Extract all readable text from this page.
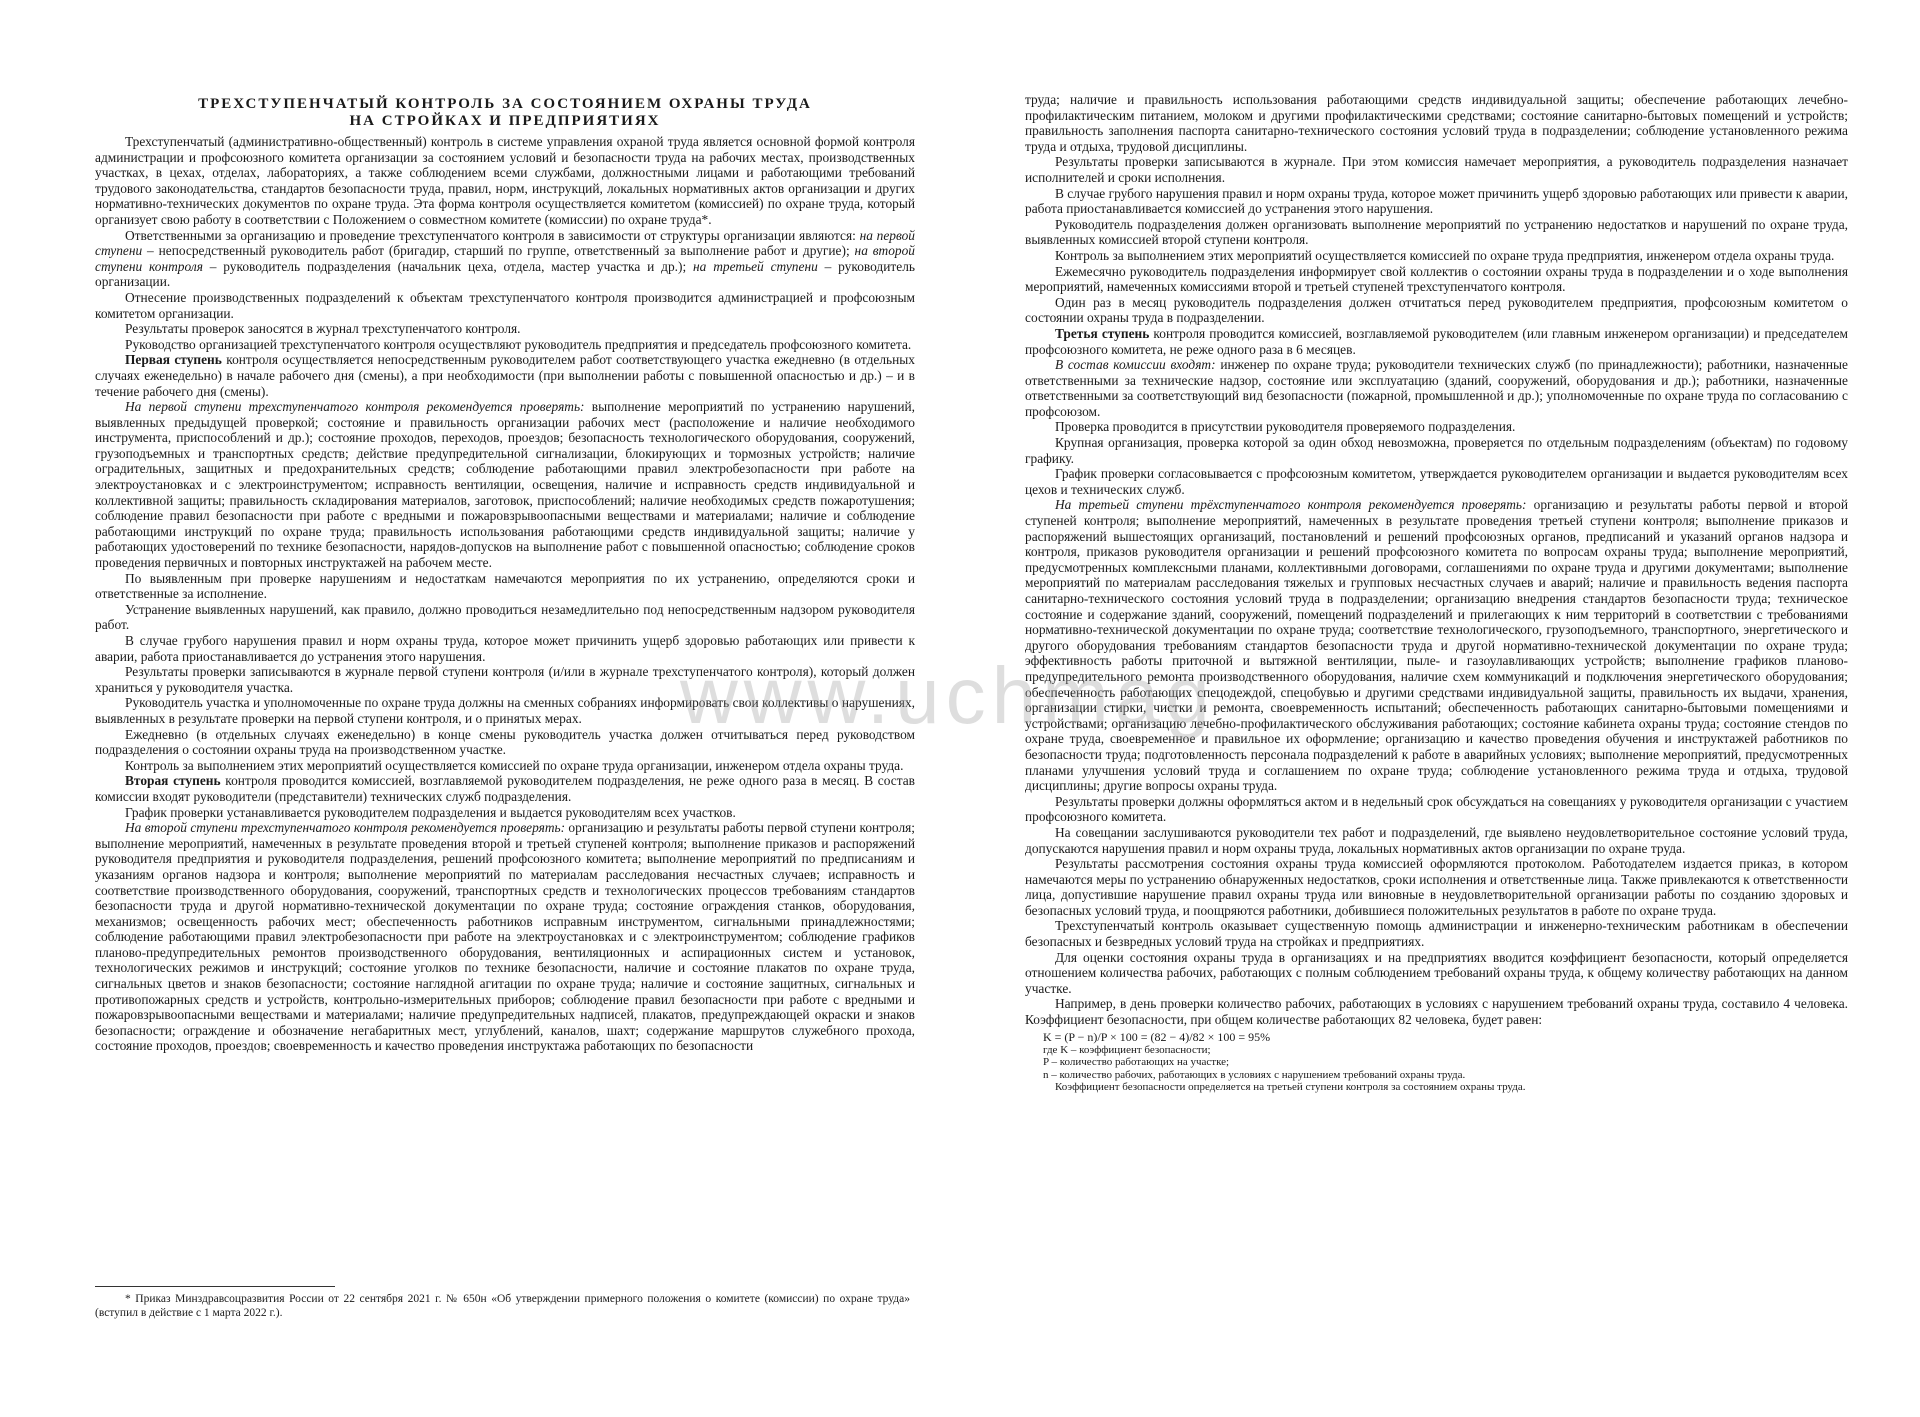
ТРЕХСТУПЕНЧАТЫЙ КОНТРОЛЬ ЗА СОСТОЯНИЕМ ОХРАНЫ ТРУДА
НА СТРОЙКАХ И ПРЕДПРИЯТИЯХ

Трехступенчатый (административно-общественный) контроль в системе управления охраной труда является основной формой контроля администрации и профсоюзного комитета организации за состоянием условий и безопасности труда на рабочих местах, производственных участках, в цехах, отделах, лабораториях, а также соблюдением всеми службами, должностными лицами и работающими требований трудового законодательства, стандартов безопасности труда, правил, норм, инструкций, локальных нормативных актов организации и других нормативно-технических документов по охране труда. Эта форма контроля осуществляется комитетом (комиссией) по охране труда, который организует свою работу в соответствии с Положением о совместном комитете (комиссии) по охране труда*.

Ответственными за организацию и проведение трехступенчатого контроля в зависимости от структуры организации являются: на первой ступени – непосредственный руководитель работ (бригадир, старший по группе, ответственный за выполнение работ и другие); на второй ступени контроля – руководитель подразделения (начальник цеха, отдела, мастер участка и др.); на третьей ступени – руководитель организации.

Отнесение производственных подразделений к объектам трехступенчатого контроля производится администрацией и профсоюзным комитетом организации.

Результаты проверок заносятся в журнал трехступенчатого контроля.

Руководство организацией трехступенчатого контроля осуществляют руководитель предприятия и председатель профсоюзного комитета.

Первая ступень контроля осуществляется непосредственным руководителем работ соответствующего участка ежедневно (в отдельных случаях еженедельно) в начале рабочего дня (смены), а при необходимости (при выполнении работы с повышенной опасностью и др.) – и в течение рабочего дня (смены).

На первой ступени трехступенчатого контроля рекомендуется проверять: выполнение мероприятий по устранению нарушений, выявленных предыдущей проверкой; состояние и правильность организации рабочих мест (расположение и наличие необходимого инструмента, приспособлений и др.); состояние проходов, переходов, проездов; безопасность технологического оборудования, сооружений, грузоподъемных и транспортных средств; действие предупредительной сигнализации, блокирующих и тормозных устройств; наличие оградительных, защитных и предохранительных средств; соблюдение работающими правил электробезопасности при работе на электроустановках и с электроинструментом; исправность вентиляции, освещения, наличие и исправность средств индивидуальной и коллективной защиты; правильность складирования материалов, заготовок, приспособлений; наличие необходимых средств пожаротушения; соблюдение правил безопасности при работе с вредными и пожаровзрывоопасными веществами и материалами; наличие и соблюдение работающими инструкций по охране труда; правильность использования работающими средств индивидуальной защиты; наличие у работающих удостоверений по технике безопасности, нарядов-допусков на выполнение работ с повышенной опасностью; соблюдение сроков проведения первичных и повторных инструктажей на рабочем месте.

По выявленным при проверке нарушениям и недостаткам намечаются мероприятия по их устранению, определяются сроки и ответственные за исполнение.

Устранение выявленных нарушений, как правило, должно проводиться незамедлительно под непосредственным надзором руководителя работ.

В случае грубого нарушения правил и норм охраны труда, которое может причинить ущерб здоровью работающих или привести к аварии, работа приостанавливается до устранения этого нарушения.

Результаты проверки записываются в журнале первой ступени контроля (и/или в журнале трехступенчатого контроля), который должен храниться у руководителя участка.

Руководитель участка и уполномоченные по охране труда должны на сменных собраниях информировать свои коллективы о нарушениях, выявленных в результате проверки на первой ступени контроля, и о принятых мерах.

Ежедневно (в отдельных случаях еженедельно) в конце смены руководитель участка должен отчитываться перед руководством подразделения о состоянии охраны труда на производственном участке.

Контроль за выполнением этих мероприятий осуществляется комиссией по охране труда организации, инженером отдела охраны труда.

Вторая ступень контроля проводится комиссией, возглавляемой руководителем подразделения, не реже одного раза в месяц. В состав комиссии входят руководители (представители) технических служб подразделения.

График проверки устанавливается руководителем подразделения и выдается руководителям всех участков.

На второй ступени трехступенчатого контроля рекомендуется проверять: организацию и результаты работы первой ступени контроля; выполнение мероприятий, намеченных в результате проведения второй и третьей ступеней контроля; выполнение приказов и распоряжений руководителя предприятия и руководителя подразделения, решений профсоюзного комитета; выполнение мероприятий по предписаниям и указаниям органов надзора и контроля; выполнение мероприятий по материалам расследования несчастных случаев; исправность и соответствие производственного оборудования, сооружений, транспортных средств и технологических процессов требованиям стандартов безопасности труда и другой нормативно-технической документации по охране труда; состояние ограждения станков, оборудования, механизмов; освещенность рабочих мест; обеспеченность работников исправным инструментом, сигнальными принадлежностями; соблюдение работающими правил электробезопасности при работе на электроустановках и с электроинструментом; соблюдение графиков планово-предупредительных ремонтов производственного оборудования, вентиляционных и аспирационных систем и установок, технологических режимов и инструкций; состояние уголков по технике безопасности, наличие и состояние плакатов по охране труда, сигнальных цветов и знаков безопасности; состояние наглядной агитации по охране труда; наличие и состояние защитных, сигнальных и противопожарных средств и устройств, контрольно-измерительных приборов; соблюдение правил безопасности при работе с вредными и пожаровзрывоопасными веществами и материалами; наличие предупредительных надписей, плакатов, предупреждающей окраски и знаков безопасности; ограждение и обозначение негабаритных мест, углублений, каналов, шахт; содержание маршрутов служебного прохода, состояние проходов, проездов; своевременность и качество проведения инструктажа работающих по безопасности

* Приказ Минздравсоцразвития России от 22 сентября 2021 г. № 650н «Об утверждении примерного положения о комитете (комиссии) по охране труда» (вступил в действие с 1 марта 2022 г.).

труда; наличие и правильность использования работающими средств индивидуальной защиты; обеспечение работающих лечебно-профилактическим питанием, молоком и другими профилактическими средствами; состояние санитарно-бытовых помещений и устройств; правильность заполнения паспорта санитарно-технического состояния условий труда в подразделении; соблюдение установленного режима труда и отдыха, трудовой дисциплины.

Результаты проверки записываются в журнале. При этом комиссия намечает мероприятия, а руководитель подразделения назначает исполнителей и сроки исполнения.

В случае грубого нарушения правил и норм охраны труда, которое может причинить ущерб здоровью работающих или привести к аварии, работа приостанавливается комиссией до устранения этого нарушения.

Руководитель подразделения должен организовать выполнение мероприятий по устранению недостатков и нарушений по охране труда, выявленных комиссией второй ступени контроля.

Контроль за выполнением этих мероприятий осуществляется комиссией по охране труда предприятия, инженером отдела охраны труда.

Ежемесячно руководитель подразделения информирует свой коллектив о состоянии охраны труда в подразделении и о ходе выполнения мероприятий, намеченных комиссиями второй и третьей ступеней трехступенчатого контроля.

Один раз в месяц руководитель подразделения должен отчитаться перед руководителем предприятия, профсоюзным комитетом о состоянии охраны труда в подразделении.

Третья ступень контроля проводится комиссией, возглавляемой руководителем (или главным инженером организации) и председателем профсоюзного комитета, не реже одного раза в 6 месяцев.

В состав комиссии входят: инженер по охране труда; руководители технических служб (по принадлежности); работники, назначенные ответственными за технические надзор, состояние или эксплуатацию (зданий, сооружений, оборудования и др.); работники, назначенные ответственными за соответствующий вид безопасности (пожарной, промышленной и др.); уполномоченные по охране труда по согласованию с профсоюзом.

Проверка проводится в присутствии руководителя проверяемого подразделения.

Крупная организация, проверка которой за один обход невозможна, проверяется по отдельным подразделениям (объектам) по годовому графику.

График проверки согласовывается с профсоюзным комитетом, утверждается руководителем организации и выдается руководителям всех цехов и технических служб.

На третьей ступени трёхступенчатого контроля рекомендуется проверять: организацию и результаты работы первой и второй ступеней контроля; выполнение мероприятий, намеченных в результате проведения третьей ступени контроля; выполнение приказов и распоряжений вышестоящих организаций, постановлений и решений профсоюзных органов, предписаний и указаний органов надзора и контроля, приказов руководителя организации и решений профсоюзного комитета по вопросам охраны труда; выполнение мероприятий, предусмотренных комплексными планами, коллективными договорами, соглашениями по охране труда и другими документами; выполнение мероприятий по материалам расследования тяжелых и групповых несчастных случаев и аварий; наличие и правильность ведения паспорта санитарно-технического состояния условий труда в подразделении; организацию внедрения стандартов безопасности труда; техническое состояние и содержание зданий, сооружений, помещений подразделений и прилегающих к ним территорий в соответствии с требованиями нормативно-технической документации по охране труда; соответствие технологического, грузоподъемного, транспортного, энергетического и другого оборудования требованиям стандартов безопасности труда и другой нормативно-технической документации по охране труда; эффективность работы приточной и вытяжной вентиляции, пыле- и газоулавливающих устройств; выполнение графиков планово-предупредительного ремонта производственного оборудования, наличие схем коммуникаций и подключения энергетического оборудования; обеспеченность работающих спецодеждой, спецобувью и другими средствами индивидуальной защиты, правильность их выдачи, хранения, организации стирки, чистки и ремонта, своевременность испытаний; обеспеченность работающих санитарно-бытовыми помещениями и устройствами; организацию лечебно-профилактического обслуживания работающих; состояние кабинета охраны труда; состояние стендов по охране труда, своевременное и правильное их оформление; организацию и качество проведения обучения и инструктажей работников по безопасности труда; подготовленность персонала подразделений к работе в аварийных условиях; выполнение мероприятий, предусмотренных планами улучшения условий труда и соглашением по охране труда; соблюдение установленного режима труда и отдыха, трудовой дисциплины; другие вопросы охраны труда.

Результаты проверки должны оформляться актом и в недельный срок обсуждаться на совещаниях у руководителя организации с участием профсоюзного комитета.

На совещании заслушиваются руководители тех работ и подразделений, где выявлено неудовлетворительное состояние условий труда, допускаются нарушения правил и норм охраны труда, локальных нормативных актов организации по охране труда.

Результаты рассмотрения состояния охраны труда комиссией оформляются протоколом. Работодателем издается приказ, в котором намечаются меры по устранению обнаруженных недостатков, сроки исполнения и ответственные лица. Также привлекаются к ответственности лица, допустившие нарушение правил охраны труда или виновные в неудовлетворительной организации работы по созданию здоровых и безопасных условий труда, и поощряются работники, добившиеся положительных результатов в работе по охране труда.

Трехступенчатый контроль оказывает существенную помощь администрации и инженерно-техническим работникам в обеспечении безопасных и безвредных условий труда на стройках и предприятиях.

Для оценки состояния охраны труда в организациях и на предприятиях вводится коэффициент безопасности, который определяется отношением количества рабочих, работающих с полным соблюдением требований охраны труда, к общему количеству работающих на данном участке.

Например, в день проверки количество рабочих, работающих в условиях с нарушением требований охраны труда, составило 4 человека. Коэффициент безопасности, при общем количестве работающих 82 человека, будет равен:

K = (P − n)/P × 100 = (82 − 4)/82 × 100 = 95%
где K – коэффициент безопасности;
P – количество работающих на участке;
n – количество рабочих, работающих в условиях с нарушением требований охраны труда.
Коэффициент безопасности определяется на третьей ступени контроля за состоянием охраны труда.
www.uchmag
